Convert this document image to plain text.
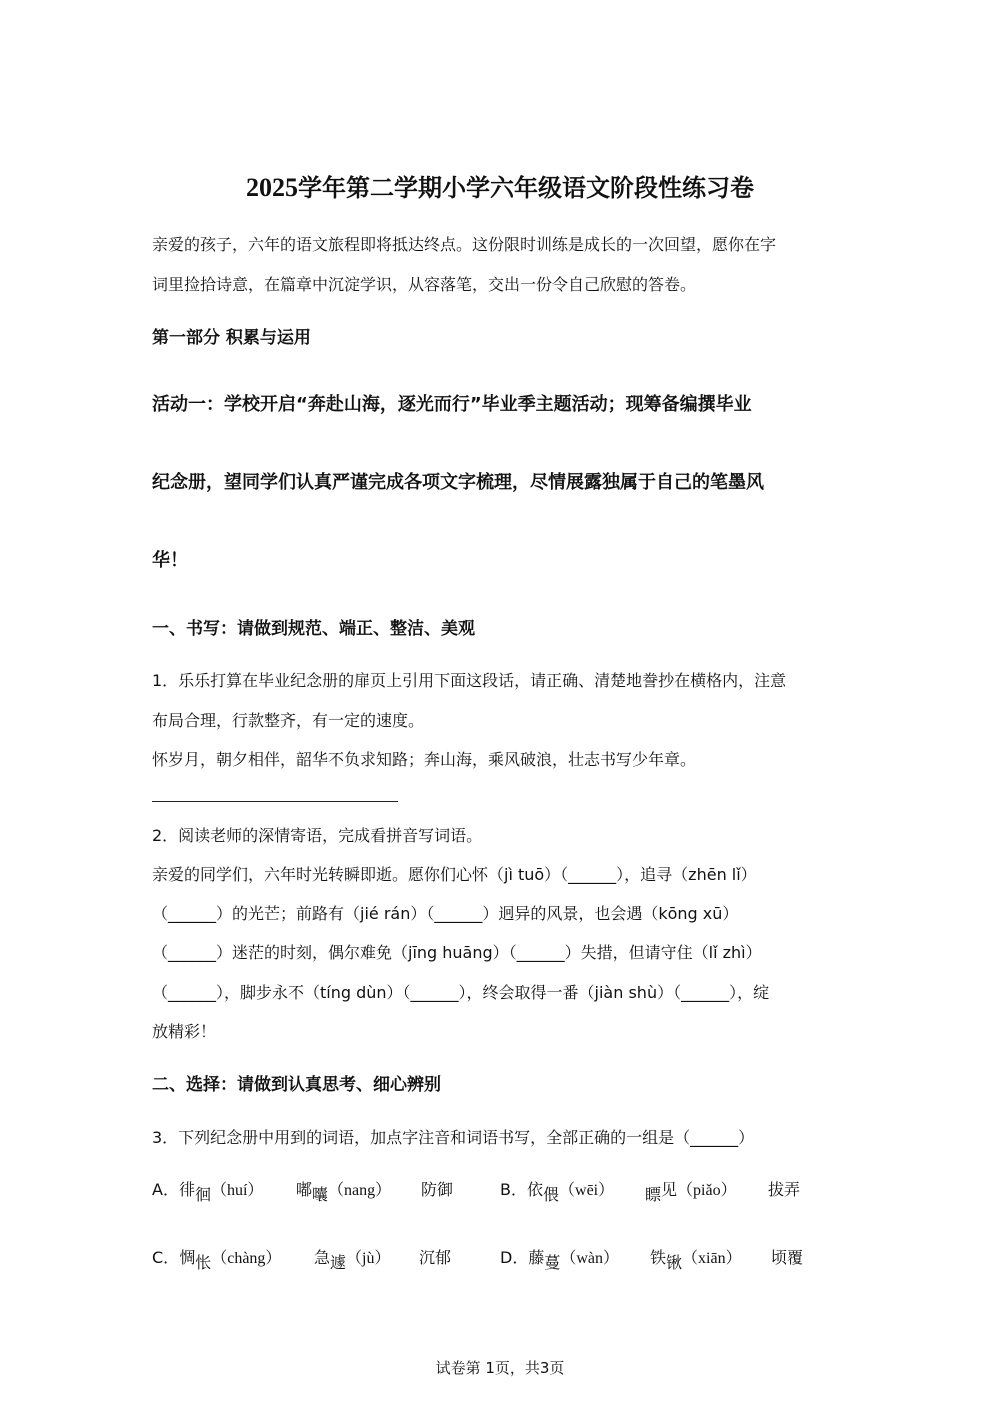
2025学年第二学期小学六年级语文阶段性练习卷
亲爱的孩子，六年的语文旅程即将抵达终点。这份限时训练是成长的一次回望，愿你在字
词里捡拾诗意，在篇章中沉淀学识，从容落笔，交出一份令自己欣慰的答卷。
第一部分 积累与运用
活动一：学校开启“奔赴山海，逐光而行”毕业季主题活动；现筹备编撰毕业
纪念册，望同学们认真严谨完成各项文字梳理，尽情展露独属于自己的笔墨风
华！
一、书写：请做到规范、端正、整洁、美观
1．乐乐打算在毕业纪念册的扉页上引用下面这段话，请正确、清楚地誊抄在横格内，注意
布局合理，行款整齐，有一定的速度。
怀岁月，朝夕相伴，韶华不负求知路；奔山海，乘风破浪，壮志书写少年章。
2．阅读老师的深情寄语，完成看拼音写词语。
亲爱的同学们，六年时光转瞬即逝。愿你们心怀（jì tuō）（______），追寻（zhēn lǐ）
（______）的光芒；前路有（jié rán）（______）迥异的风景，也会遇（kōng xū）
（______）迷茫的时刻，偶尔难免（jīng huāng）（______）失措，但请守住（lǐ zhì）
（______），脚步永不（tíng dùn）（______），终会取得一番（jiàn shù）（______），绽
放精彩！
二、选择：请做到认真思考、细心辨别
3．下列纪念册中用到的词语，加点字注音和词语书写，全部正确的一组是（______）
A．徘徊（huí） 嘟囔（nang） 防御	B．依偎（wēi） 瞟见（piǎo） 拔弄
C．惆怅（chàng） 急遽（jù） 沉郁	D．藤蔓（wàn） 铁锹（xiān） 顷覆
试卷第 1页，共3页
